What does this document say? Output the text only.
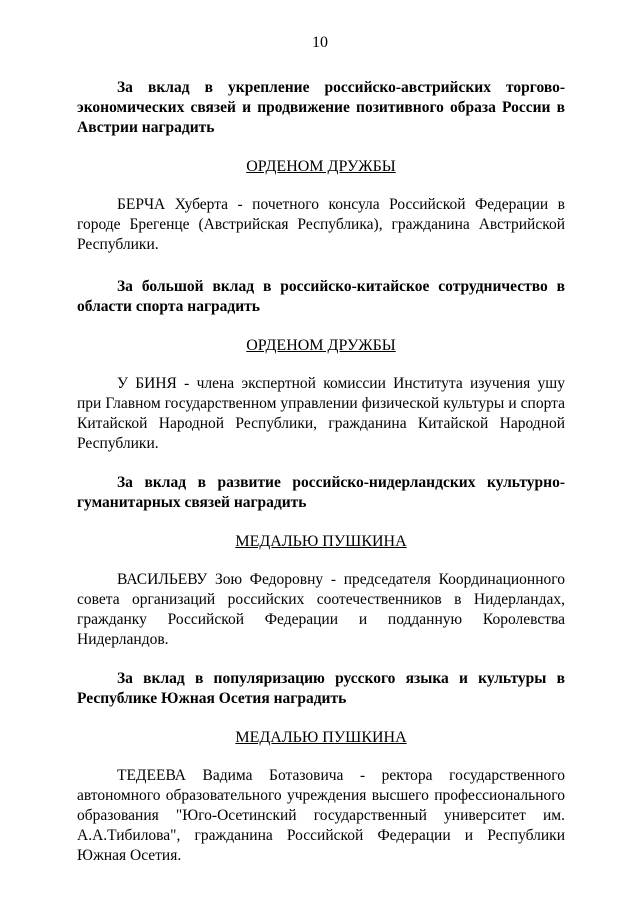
10

За вклад в укрепление российско-австрийских торгово-экономических связей и продвижение позитивного образа России в Австрии наградить

ОРДЕНОМ ДРУЖБЫ

БЕРЧА Хуберта - почетного консула Российской Федерации в городе Брегенце (Австрийская Республика), гражданина Австрийской Республики.

За большой вклад в российско-китайское сотрудничество в области спорта наградить

ОРДЕНОМ ДРУЖБЫ

У БИНЯ - члена экспертной комиссии Института изучения ушу при Главном государственном управлении физической культуры и спорта Китайской Народной Республики, гражданина Китайской Народной Республики.

За вклад в развитие российско-нидерландских культурно-гуманитарных связей наградить

МЕДАЛЬЮ ПУШКИНА

ВАСИЛЬЕВУ Зою Федоровну - председателя Координационного совета организаций российских соотечественников в Нидерландах, гражданку Российской Федерации и подданную Королевства Нидерландов.

За вклад в популяризацию русского языка и культуры в Республике Южная Осетия наградить

МЕДАЛЬЮ ПУШКИНА

ТЕДЕЕВА Вадима Ботазовича - ректора государственного автономного образовательного учреждения высшего профессионального образования "Юго-Осетинский государственный университет им. А.А.Тибилова", гражданина Российской Федерации и Республики Южная Осетия.
